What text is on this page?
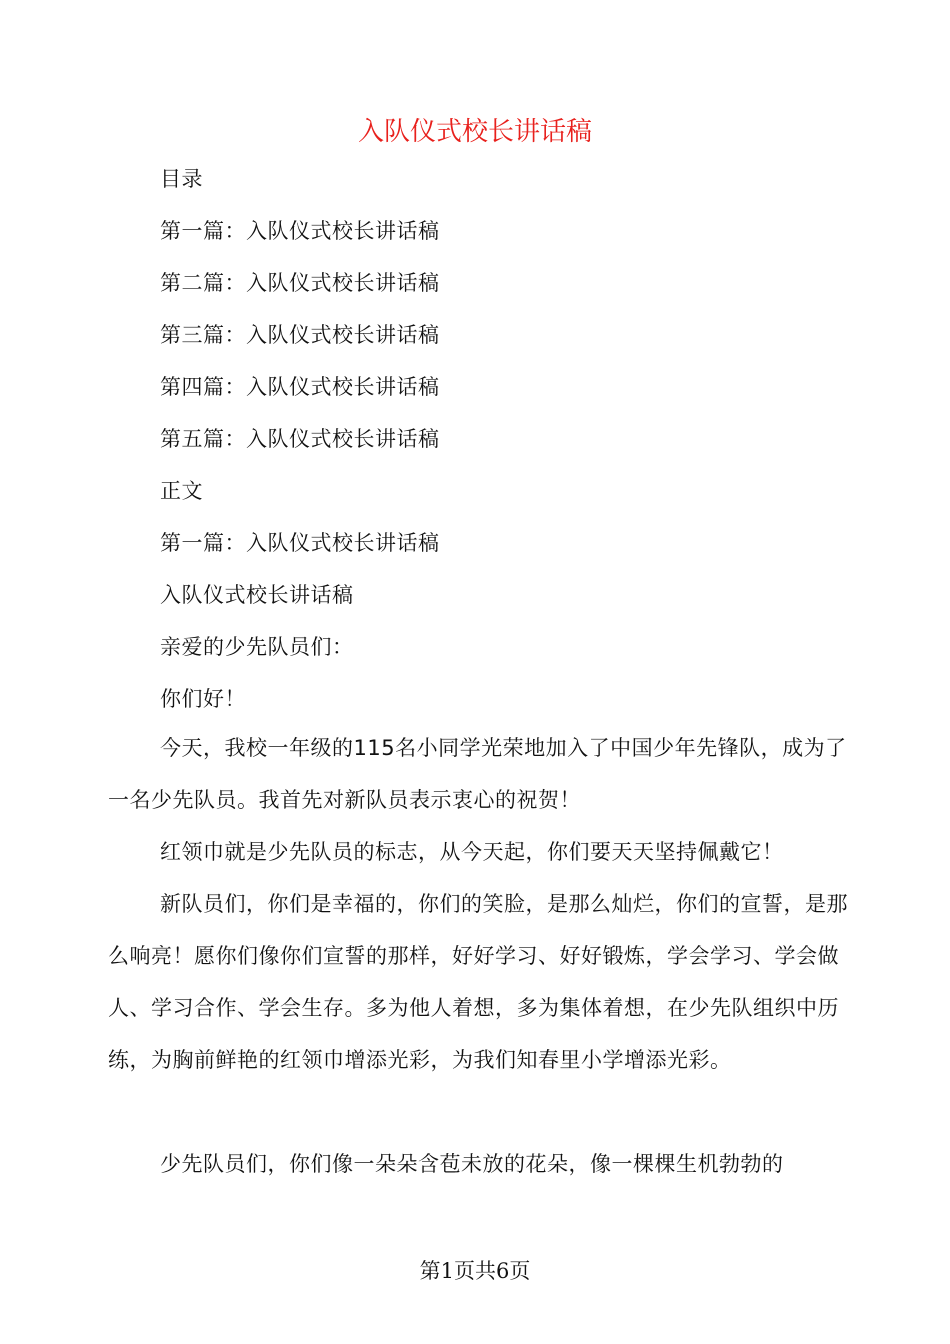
入队仪式校长讲话稿
目录
第一篇：入队仪式校长讲话稿
第二篇：入队仪式校长讲话稿
第三篇：入队仪式校长讲话稿
第四篇：入队仪式校长讲话稿
第五篇：入队仪式校长讲话稿
正文
第一篇：入队仪式校长讲话稿
入队仪式校长讲话稿
亲爱的少先队员们：
你们好！

今天，我校一年级的115名小同学光荣地加入了中国少年先锋队，成为了一名少先队员。我首先对新队员表示衷心的祝贺！

红领巾就是少先队员的标志，从今天起，你们要天天坚持佩戴它！

新队员们，你们是幸福的，你们的笑脸，是那么灿烂，你们的宣誓，是那么响亮！愿你们像你们宣誓的那样，好好学习、好好锻炼，学会学习、学会做人、学习合作、学会生存。多为他人着想，多为集体着想，在少先队组织中历练，为胸前鲜艳的红领巾增添光彩，为我们知春里小学增添光彩。

少先队员们，你们像一朵朵含苞未放的花朵，像一棵棵生机勃勃的

第1页共6页
